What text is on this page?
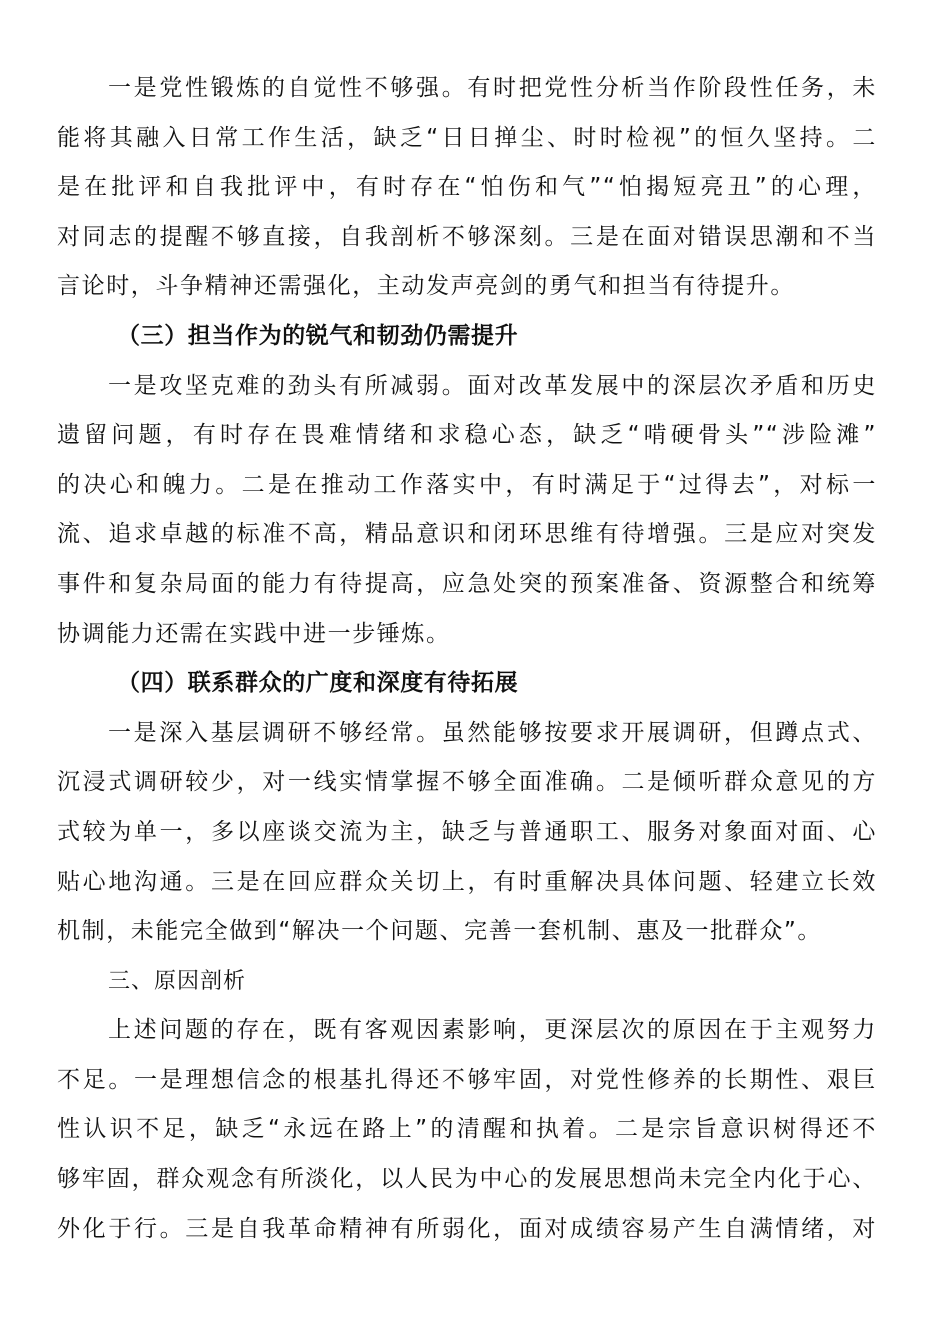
一是党性锻炼的自觉性不够强。有时把党性分析当作阶段性任务，未
能将其融入日常工作生活，缺乏“日日掸尘、时时检视”的恒久坚持。二
是在批评和自我批评中，有时存在“怕伤和气”“怕揭短亮丑”的心理，
对同志的提醒不够直接，自我剖析不够深刻。三是在面对错误思潮和不当
言论时，斗争精神还需强化，主动发声亮剑的勇气和担当有待提升。
（三）担当作为的锐气和韧劲仍需提升
一是攻坚克难的劲头有所减弱。面对改革发展中的深层次矛盾和历史
遗留问题，有时存在畏难情绪和求稳心态，缺乏“啃硬骨头”“涉险滩”
的决心和魄力。二是在推动工作落实中，有时满足于“过得去”，对标一
流、追求卓越的标准不高，精品意识和闭环思维有待增强。三是应对突发
事件和复杂局面的能力有待提高，应急处突的预案准备、资源整合和统筹
协调能力还需在实践中进一步锤炼。
（四）联系群众的广度和深度有待拓展
一是深入基层调研不够经常。虽然能够按要求开展调研，但蹲点式、
沉浸式调研较少，对一线实情掌握不够全面准确。二是倾听群众意见的方
式较为单一，多以座谈交流为主，缺乏与普通职工、服务对象面对面、心
贴心地沟通。三是在回应群众关切上，有时重解决具体问题、轻建立长效
机制，未能完全做到“解决一个问题、完善一套机制、惠及一批群众”。
三、原因剖析
上述问题的存在，既有客观因素影响，更深层次的原因在于主观努力
不足。一是理想信念的根基扎得还不够牢固，对党性修养的长期性、艰巨
性认识不足，缺乏“永远在路上”的清醒和执着。二是宗旨意识树得还不
够牢固，群众观念有所淡化，以人民为中心的发展思想尚未完全内化于心、
外化于行。三是自我革命精神有所弱化，面对成绩容易产生自满情绪，对
